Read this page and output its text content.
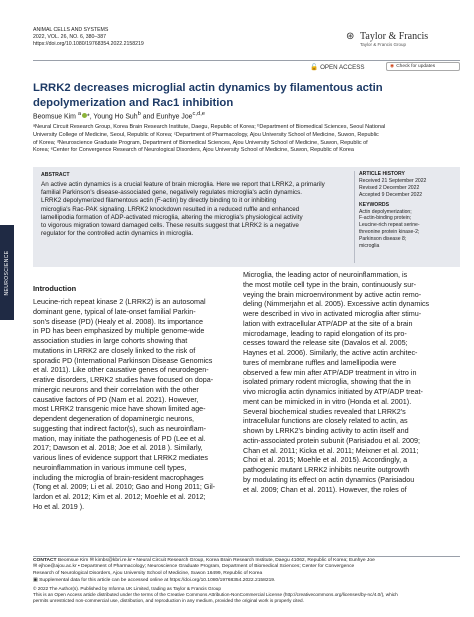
NEUROSCIENCE
ANIMAL CELLS AND SYSTEMS
2022, VOL. 26, NO. 6, 380–387
https://doi.org/10.1080/19768354.2022.2158219
⊛ Taylor & Francis
Taylor & Francis Group
🔓 OPEN ACCESS	◉ Check for updates
LRRK2 decreases microglial actin dynamics by filamentous actin
depolymerization and Rac1 inhibition
Beomsue Kim $^a$ *, Young Ho Suh$^b$ and Eunhye Joe$^{c,d,e}$
ᵃNeural Circuit Research Group, Korea Brain Research Institute, Daegu, Republic of Korea; ᵇDepartment of Biomedical Sciences, Seoul National
University College of Medicine, Seoul, Republic of Korea; ᶜDepartment of Pharmacology, Ajou University School of Medicine, Suwon, Republic
of Korea; ᵈNeuroscience Graduate Program, Department of Biomedical Sciences, Ajou University School of Medicine, Suwon, Republic of
Korea; ᵉCenter for Convergence Research of Neurological Disorders, Ajou University School of Medicine, Suwon, Republic of Korea
ABSTRACT
An active actin dynamics is a crucial feature of brain microglia. Here we report that LRRK2, a primarily
familial Parkinson's disease-associated gene, negatively regulates microglia's actin dynamics.
LRRK2 depolymerized filamentous actin (F-actin) by directly binding to it or inhibiting
microglia's Rac-PAK signaling. LRRK2 knockdown resulted in a reduced ruffle and enhanced
lamellipodia formation of ADP-activated microglia, altering the microglia's physiological activity
to vigorous migration toward damaged cells. These results suggest that LRRK2 is a negative
regulator for the controlled actin dynamics in microglia.
ARTICLE HISTORY
Received 21 September 2022
Revised 2 December 2022
Accepted 9 December 2022
KEYWORDS
Actin depolymerization;
F-actin-binding protein;
Leucine-rich repeat serine-
threonine protein kinase-2;
Parkinson disease 8;
microglia
Introduction
Leucine-rich repeat kinase 2 (LRRK2) is an autosomal
dominant gene, typical of late-onset familial Parkin-
son's disease (PD) (Healy et al. 2008). Its importance
in PD has been emphasized by multiple genome-wide
association studies in large cohorts showing that
mutations in LRRK2 are closely linked to the risk of
sporadic PD (International Parkinson Disease Genomics
et al. 2011). Like other causative genes of neurodegen-
erative disorders, LRRK2 studies have focused on dopa-
minergic neurons and their correlation with the other
causative factors of PD (Nam et al. 2021). However,
most LRRK2 transgenic mice have shown limited age-
dependent degeneration of dopaminergic neurons,
suggesting that indirect factor(s), such as neuroinflam-
mation, may initiate the pathogenesis of PD (Lee et al.
2017; Dawson et al. 2018; Joe et al. 2018 ). Similarly,
various lines of evidence support that LRRK2 mediates
neuroinflammation in various immune cell types,
including the microglia of brain-resident macrophages
(Tong et al. 2009; Li et al. 2010; Gao and Hong 2011; Gil-
lardon et al. 2012; Kim et al. 2012; Moehle et al. 2012;
Ho et al. 2019 ).
Microglia, the leading actor of neuroinflammation, is
the most motile cell type in the brain, continuously sur-
veying the brain microenvironment by active actin remo-
deling (Nimmerjahn et al. 2005). Excessive actin dynamics
were described in vivo in activated microglia after stimu-
lation with extracellular ATP/ADP at the site of a brain
microdamage, leading to rapid elongation of its pro-
cesses toward the release site (Davalos et al. 2005;
Haynes et al. 2006). Similarly, the active actin architec-
tures of membrane ruffles and lamellipodia were
observed a few min after ATP/ADP treatment in vitro in
isolated primary rodent microglia, showing that the in
vivo microglia actin dynamics initiated by ATP/ADP treat-
ment can be mimicked in in vitro (Honda et al. 2001).
Several biochemical studies revealed that LRRK2's
intracellular functions are closely related to actin, as
shown by LRRK2's binding activity to actin itself and
actin-associated protein subunit (Parisiadou et al. 2009;
Chan et al. 2011; Kicka et al. 2011; Meixner et al. 2011;
Choi et al. 2015; Moehle et al. 2015). Accordingly, a
pathogenic mutant LRRK2 inhibits neurite outgrowth
by modulating its effect on actin dynamics (Parisiadou
et al. 2009; Chan et al. 2011). However, the roles of
CONTACT Beomsue Kim ✉ kimbs@kbri.re.kr ▪ Neural Circuit Research Group, Korea Brain Research Institute, Daegu 41062, Republic of Korea; Eunhye Joe
✉ ejhoe@ajou.ac.kr ▪ Department of Pharmacology; Neuroscience Graduate Program, Department of Biomedical Sciences; Center for Convergence
Research of Neurological Disorders, Ajou University School of Medicine, Suwon 16499, Republic of Korea
▣ Supplemental data for this article can be accessed online at https://doi.org/10.1080/19768354.2022.2158219.
© 2022 The Author(s). Published by Informa UK Limited, trading as Taylor & Francis Group
This is an Open Access article distributed under the terms of the Creative Commons Attribution-NonCommercial License (http://creativecommons.org/licenses/by-nc/4.0/), which
permits unrestricted non-commercial use, distribution, and reproduction in any medium, provided the original work is properly cited.
